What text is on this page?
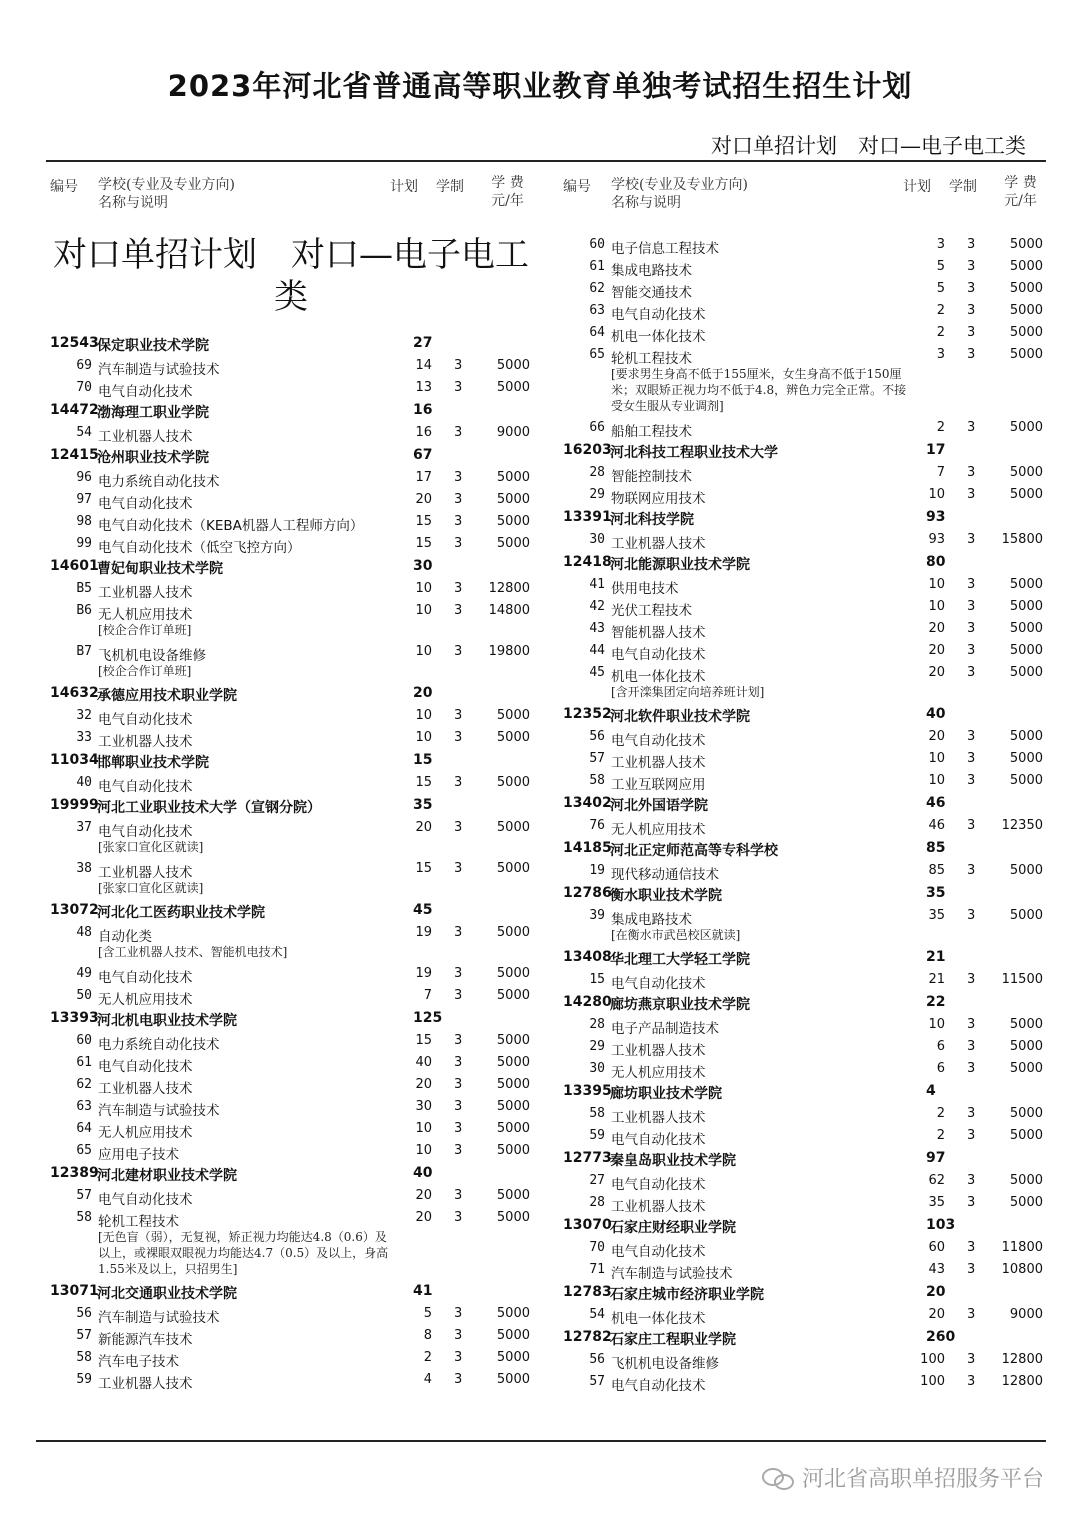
2023年河北省普通高等职业教育单独考试招生招生计划
对口单招计划　对口—电子电工类
编号 学校(专业及专业方向)
名称与说明
计划 学制	学 费
元/年
对口单招计划　对口—电子电工类
12543
保定职业技术学院	27
69 汽车制造与试验技术	14 3	5000
70 电气自动化技术	13 3	5000
14472
渤海理工职业学院	16
54 工业机器人技术	16 3	9000
12415
沧州职业技术学院	67
96 电力系统自动化技术	17 3	5000
97 电气自动化技术	20 3	5000
98 电气自动化技术（KEBA机器人工程师方向）	15 3	5000
99 电气自动化技术（低空飞控方向）	15 3	5000
14601
曹妃甸职业技术学院	30
B5 工业机器人技术	10 3 12800
B6 无人机应用技术	10 3 14800
[校企合作订单班]
B7 飞机机电设备维修	10 3 19800
[校企合作订单班]
14632
承德应用技术职业学院	20
32 电气自动化技术	10 3	5000
33 工业机器人技术	10 3	5000
11034
邯郸职业技术学院	15
40 电气自动化技术	15 3	5000
19999
河北工业职业技术大学（宣钢分院）	35
37 电气自动化技术	20 3	5000
[张家口宣化区就读]
38 工业机器人技术	15 3	5000
[张家口宣化区就读]
13072
河北化工医药职业技术学院	45
48 自动化类	19 3	5000
[含工业机器人技术、智能机电技术]
49 电气自动化技术	19 3	5000
50 无人机应用技术	7 3	5000
13393
河北机电职业技术学院	125
60 电力系统自动化技术	15 3	5000
61 电气自动化技术	40 3	5000
62 工业机器人技术	20 3	5000
63 汽车制造与试验技术	30 3	5000
64 无人机应用技术	10 3	5000
65 应用电子技术	10 3	5000
12389
河北建材职业技术学院	40
57 电气自动化技术	20 3	5000
58 轮机工程技术	20 3	5000
[无色盲（弱），无复视，矫正视力均能达4.8（0.6）及以上，或裸眼双眼视力均能达4.7（0.5）及以上，身高1.55米及以上，只招男生]
13071
河北交通职业技术学院	41
56 汽车制造与试验技术	5 3	5000
57 新能源汽车技术	8 3	5000
58 汽车电子技术	2 3	5000
59 工业机器人技术	4 3	5000
编号 学校(专业及专业方向)
名称与说明
计划 学制	学 费
元/年
60 电子信息工程技术	3 3	5000
61 集成电路技术	5 3	5000
62 智能交通技术	5 3	5000
63 电气自动化技术	2 3	5000
64 机电一体化技术	2 3	5000
65 轮机工程技术	3 3	5000
[要求男生身高不低于155厘米，女生身高不低于150厘米；双眼矫正视力均不低于4.8，辨色力完全正常。不接受女生服从专业调剂]
66 船舶工程技术	2 3	5000
16203
河北科技工程职业技术大学	17
28 智能控制技术	7 3	5000
29 物联网应用技术	10 3	5000
13391
河北科技学院	93
30 工业机器人技术	93 3 15800
12418
河北能源职业技术学院	80
41 供用电技术	10 3	5000
42 光伏工程技术	10 3	5000
43 智能机器人技术	20 3	5000
44 电气自动化技术	20 3	5000
45 机电一体化技术	20 3	5000
[含开滦集团定向培养班计划]
12352
河北软件职业技术学院	40
56 电气自动化技术	20 3	5000
57 工业机器人技术	10 3	5000
58 工业互联网应用	10 3	5000
13402
河北外国语学院	46
76 无人机应用技术	46 3 12350
14185
河北正定师范高等专科学校	85
19 现代移动通信技术	85 3	5000
12786
衡水职业技术学院	35
39 集成电路技术	35 3	5000
[在衡水市武邑校区就读]
13408
华北理工大学轻工学院	21
15 电气自动化技术	21 3 11500
14280
廊坊燕京职业技术学院	22
28 电子产品制造技术	10 3	5000
29 工业机器人技术	6 3	5000
30 无人机应用技术	6 3	5000
13395
廊坊职业技术学院	4
58 工业机器人技术	2 3	5000
59 电气自动化技术	2 3	5000
12773
秦皇岛职业技术学院	97
27 电气自动化技术	62 3	5000
28 工业机器人技术	35 3	5000
13070
石家庄财经职业学院	103
70 电气自动化技术	60 3 11800
71 汽车制造与试验技术	43 3 10800
12783
石家庄城市经济职业学院	20
54 机电一体化技术	20 3	9000
12782
石家庄工程职业学院	260
56 飞机机电设备维修	100 3 12800
57 电气自动化技术	100 3 12800
河北省高职单招服务平台
